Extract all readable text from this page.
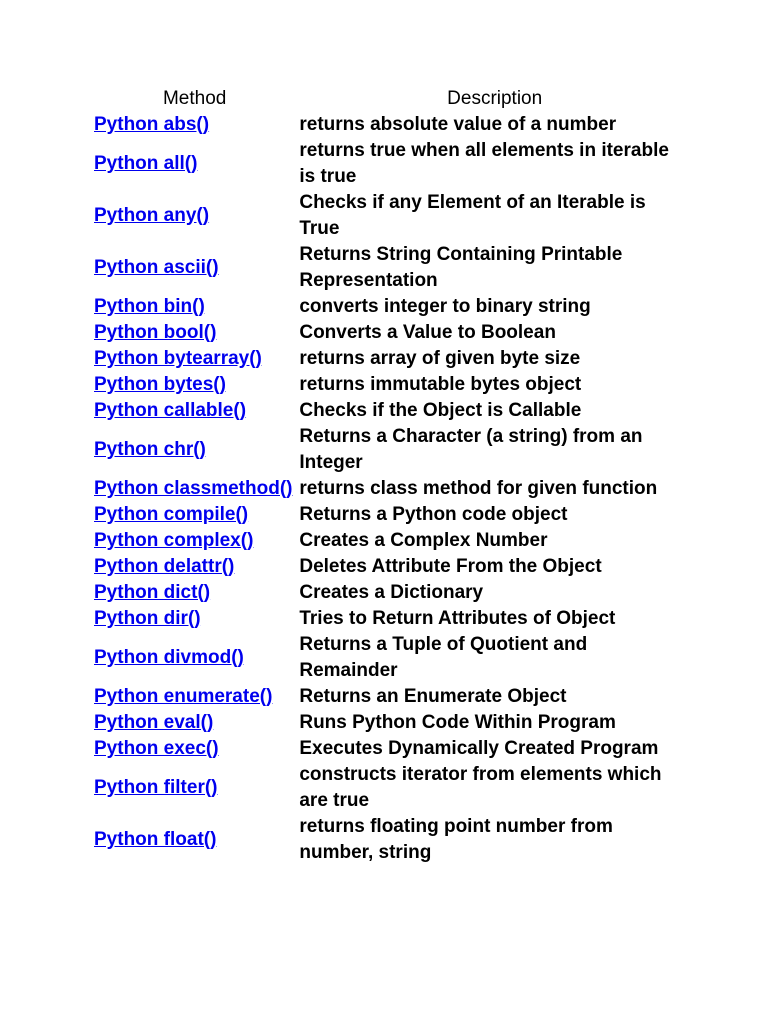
Method	Description
Python abs()	returns absolute value of a number
Python all()	returns true when all elements in iterable is true
Python any()	Checks if any Element of an Iterable is True
Python ascii()	Returns String Containing Printable Representation
Python bin()	converts integer to binary string
Python bool()	Converts a Value to Boolean
Python bytearray()	returns array of given byte size
Python bytes()	returns immutable bytes object
Python callable()	Checks if the Object is Callable
Python chr()	Returns a Character (a string) from an Integer
Python classmethod()	returns class method for given function
Python compile()	Returns a Python code object
Python complex()	Creates a Complex Number
Python delattr()	Deletes Attribute From the Object
Python dict()	Creates a Dictionary
Python dir()	Tries to Return Attributes of Object
Python divmod()	Returns a Tuple of Quotient and Remainder
Python enumerate()	Returns an Enumerate Object
Python eval()	Runs Python Code Within Program
Python exec()	Executes Dynamically Created Program
Python filter()	constructs iterator from elements which are true
Python float()	returns floating point number from number, string
